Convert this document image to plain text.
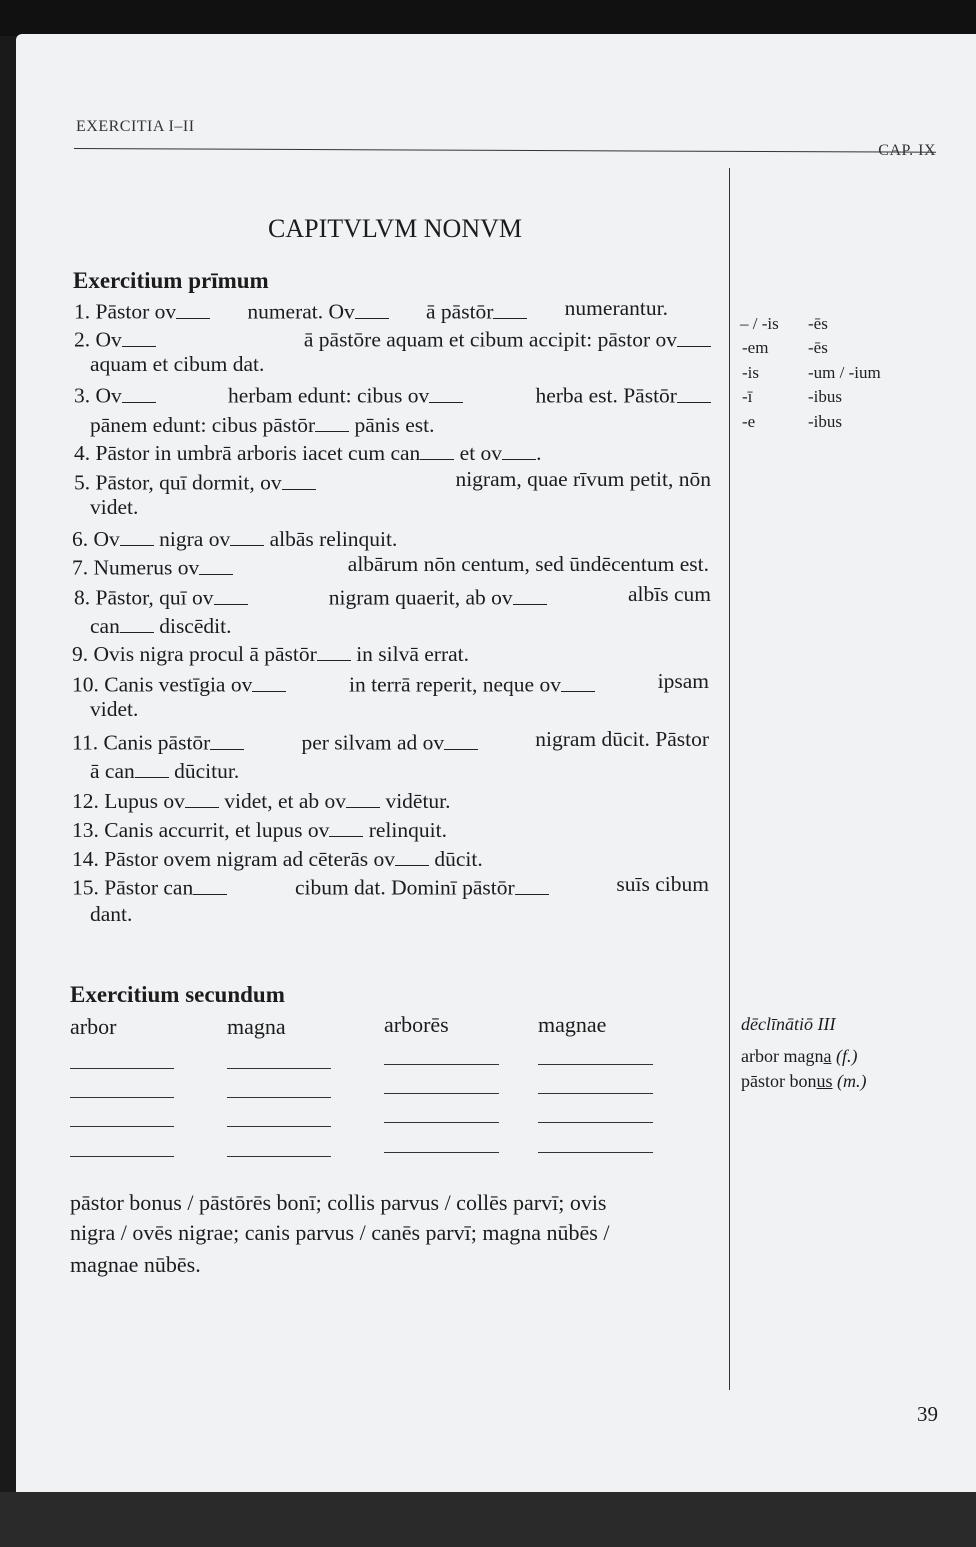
EXERCITIA I–II
CAP. IX
CAPITVLVM NONVM
Exercitium prīmum
1. Pāstor ov	numerat. Ov	ā pāstōr	numerantur.
2. Ov	ā pāstōre aquam et cibum accipit: pāstor ov
aquam et cibum dat.
3. Ov	herbam edunt: cibus ov	herba est. Pāstōr
pānem edunt: cibus pāstōr pānis est.
4. Pāstor in umbrā arboris iacet cum can et ov .
5. Pāstor, quī dormit, ov	nigram, quae rīvum petit, nōn
videt.
6. Ov nigra ov albās relinquit.
7. Numerus ov	albārum nōn centum, sed ūndēcentum est.
8. Pāstor, quī ov	nigram quaerit, ab ov	albīs cum
can discēdit.
9. Ovis nigra procul ā pāstōr in silvā errat.
10. Canis vestīgia ov	in terrā reperit, neque ov	ipsam
videt.
11. Canis pāstōr	per silvam ad ov	nigram dūcit. Pāstor
ā can dūcitur.
12. Lupus ov videt, et ab ov vidētur.
13. Canis accurrit, et lupus ov relinquit.
14. Pāstor ovem nigram ad cēterās ov dūcit.
15. Pāstor can	cibum dat. Dominī pāstōr	suīs cibum
dant.
– / -is -ēs
-em -ēs
-is	-um / -ium
-ī	-ibus
-e	-ibus
Exercitium secundum
arbor	magna	arborēs	magnae	dēclīnātiō III
arbor magna (f.)
pāstor bonus (m.)
pāstor bonus / pāstōrēs bonī; collis parvus / collēs parvī; ovis
nigra / ovēs nigrae; canis parvus / canēs parvī; magna nūbēs /
magnae nūbēs.
39
